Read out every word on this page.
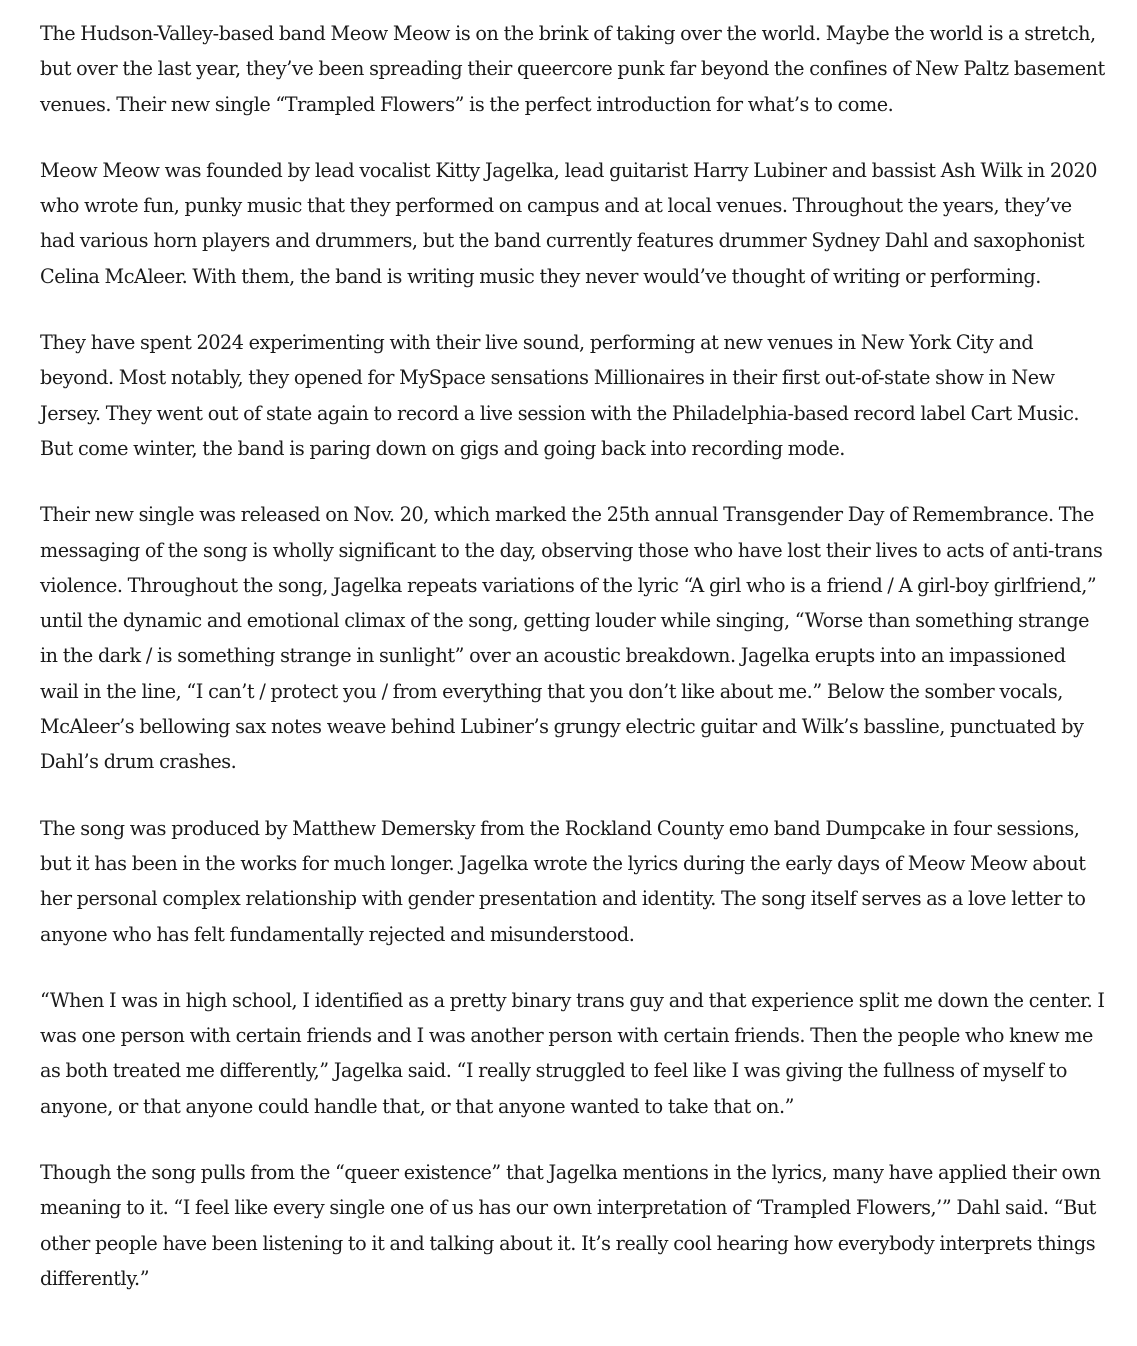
The Hudson-Valley-based band Meow Meow is on the brink of taking over the world. Maybe the world is a stretch, but over the last year, they’ve been spreading their queercore punk far beyond the confines of New Paltz basement venues. Their new single “Trampled Flowers” is the perfect introduction for what’s to come.

Meow Meow was founded by lead vocalist Kitty Jagelka, lead guitarist Harry Lubiner and bassist Ash Wilk in 2020 who wrote fun, punky music that they performed on campus and at local venues. Throughout the years, they’ve had various horn players and drummers, but the band currently features drummer Sydney Dahl and saxophonist Celina McAleer. With them, the band is writing music they never would’ve thought of writing or performing.

They have spent 2024 experimenting with their live sound, performing at new venues in New York City and beyond. Most notably, they opened for MySpace sensations Millionaires in their first out-of-state show in New Jersey. They went out of state again to record a live session with the Philadelphia-based record label Cart Music. But come winter, the band is paring down on gigs and going back into recording mode.

Their new single was released on Nov. 20, which marked the 25th annual Transgender Day of Remembrance. The messaging of the song is wholly significant to the day, observing those who have lost their lives to acts of anti-trans violence. Throughout the song, Jagelka repeats variations of the lyric “A girl who is a friend / A girl-boy girlfriend,” until the dynamic and emotional climax of the song, getting louder while singing, “Worse than something strange in the dark / is something strange in sunlight” over an acoustic breakdown. Jagelka erupts into an impassioned wail in the line, “I can’t / protect you / from everything that you don’t like about me.” Below the somber vocals, McAleer’s bellowing sax notes weave behind Lubiner’s grungy electric guitar and Wilk’s bassline, punctuated by Dahl’s drum crashes.

The song was produced by Matthew Demersky from the Rockland County emo band Dumpcake in four sessions, but it has been in the works for much longer. Jagelka wrote the lyrics during the early days of Meow Meow about her personal complex relationship with gender presentation and identity. The song itself serves as a love letter to anyone who has felt fundamentally rejected and misunderstood.

“When I was in high school, I identified as a pretty binary trans guy and that experience split me down the center. I was one person with certain friends and I was another person with certain friends. Then the people who knew me as both treated me differently,” Jagelka said. “I really struggled to feel like I was giving the fullness of myself to anyone, or that anyone could handle that, or that anyone wanted to take that on.”

Though the song pulls from the “queer existence” that Jagelka mentions in the lyrics, many have applied their own meaning to it. “I feel like every single one of us has our own interpretation of ‘Trampled Flowers,’” Dahl said. “But other people have been listening to it and talking about it. It’s really cool hearing how everybody interprets things differently.”
